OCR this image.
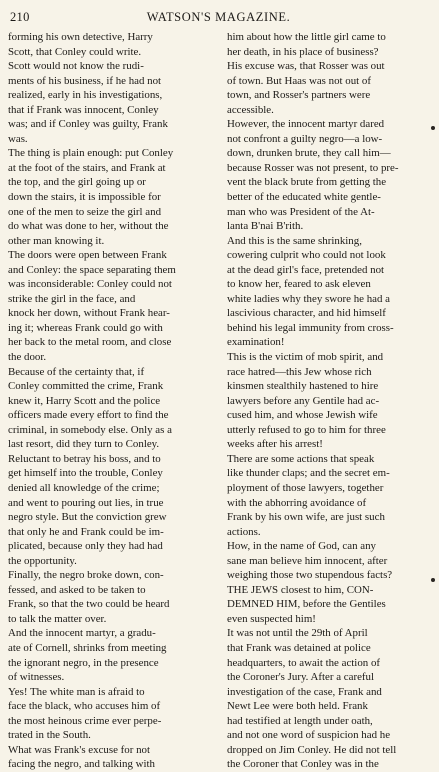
210	WATSON'S MAGAZINE.
forming his own detective, Harry
Scott, that Conley could write.
Scott would not know the rudi-
ments of his business, if he had not
realized, early in his investigations,
that if Frank was innocent, Conley
was; and if Conley was guilty, Frank
was.
The thing is plain enough: put Conley
at the foot of the stairs, and Frank at
the top, and the girl going up or
down the stairs, it is impossible for
one of the men to seize the girl and
do what was done to her, without the
other man knowing it.
The doors were open between Frank
and Conley: the space separating them
was inconsiderable: Conley could not
strike the girl in the face, and
knock her down, without Frank hear-
ing it; whereas Frank could go with
her back to the metal room, and close
the door.
Because of the certainty that, if
Conley committed the crime, Frank
knew it, Harry Scott and the police
officers made every effort to find the
criminal, in somebody else. Only as a
last resort, did they turn to Conley.
Reluctant to betray his boss, and to
get himself into the trouble, Conley
denied all knowledge of the crime;
and went to pouring out lies, in true
negro style. But the conviction grew
that only he and Frank could be im-
plicated, because only they had had
the opportunity.
Finally, the negro broke down, con-
fessed, and asked to be taken to
Frank, so that the two could be heard
to talk the matter over.
And the innocent martyr, a gradu-
ate of Cornell, shrinks from meeting
the ignorant negro, in the presence
of witnesses.
Yes! The white man is afraid to
face the black, who accuses him of
the most heinous crime ever perpe-
trated in the South.
What was Frank's excuse for not
facing the negro, and talking with
him about how the little girl came to
her death, in his place of business?
His excuse was, that Rosser was out
of town. But Haas was not out of
town, and Rosser's partners were
accessible.
However, the innocent martyr dared
not confront a guilty negro—a low-
down, drunken brute, they call him—
because Rosser was not present, to pre-
vent the black brute from getting the
better of the educated white gentle-
man who was President of the At-
lanta B'nai B'rith.
And this is the same shrinking,
cowering culprit who could not look
at the dead girl's face, pretended not
to know her, feared to ask eleven
white ladies why they swore he had a
lascivious character, and hid himself
behind his legal immunity from cross-
examination!
This is the victim of mob spirit, and
race hatred—this Jew whose rich
kinsmen stealthily hastened to hire
lawyers before any Gentile had ac-
cused him, and whose Jewish wife
utterly refused to go to him for three
weeks after his arrest!
There are some actions that speak
like thunder claps; and the secret em-
ployment of those lawyers, together
with the abhorring avoidance of
Frank by his own wife, are just such
actions.
How, in the name of God, can any
sane man believe him innocent, after
weighing those two stupendous facts?
THE JEWS closest to him, CON-
DEMNED HIM, before the Gentiles
even suspected him!
It was not until the 29th of April
that Frank was detained at police
headquarters, to await the action of
the Coroner's Jury. After a careful
investigation of the case, Frank and
Newt Lee were both held. Frank
had testified at length under oath,
and not one word of suspicion had he
dropped on Jim Conley. He did not tell
the Coroner that Conley was in the
